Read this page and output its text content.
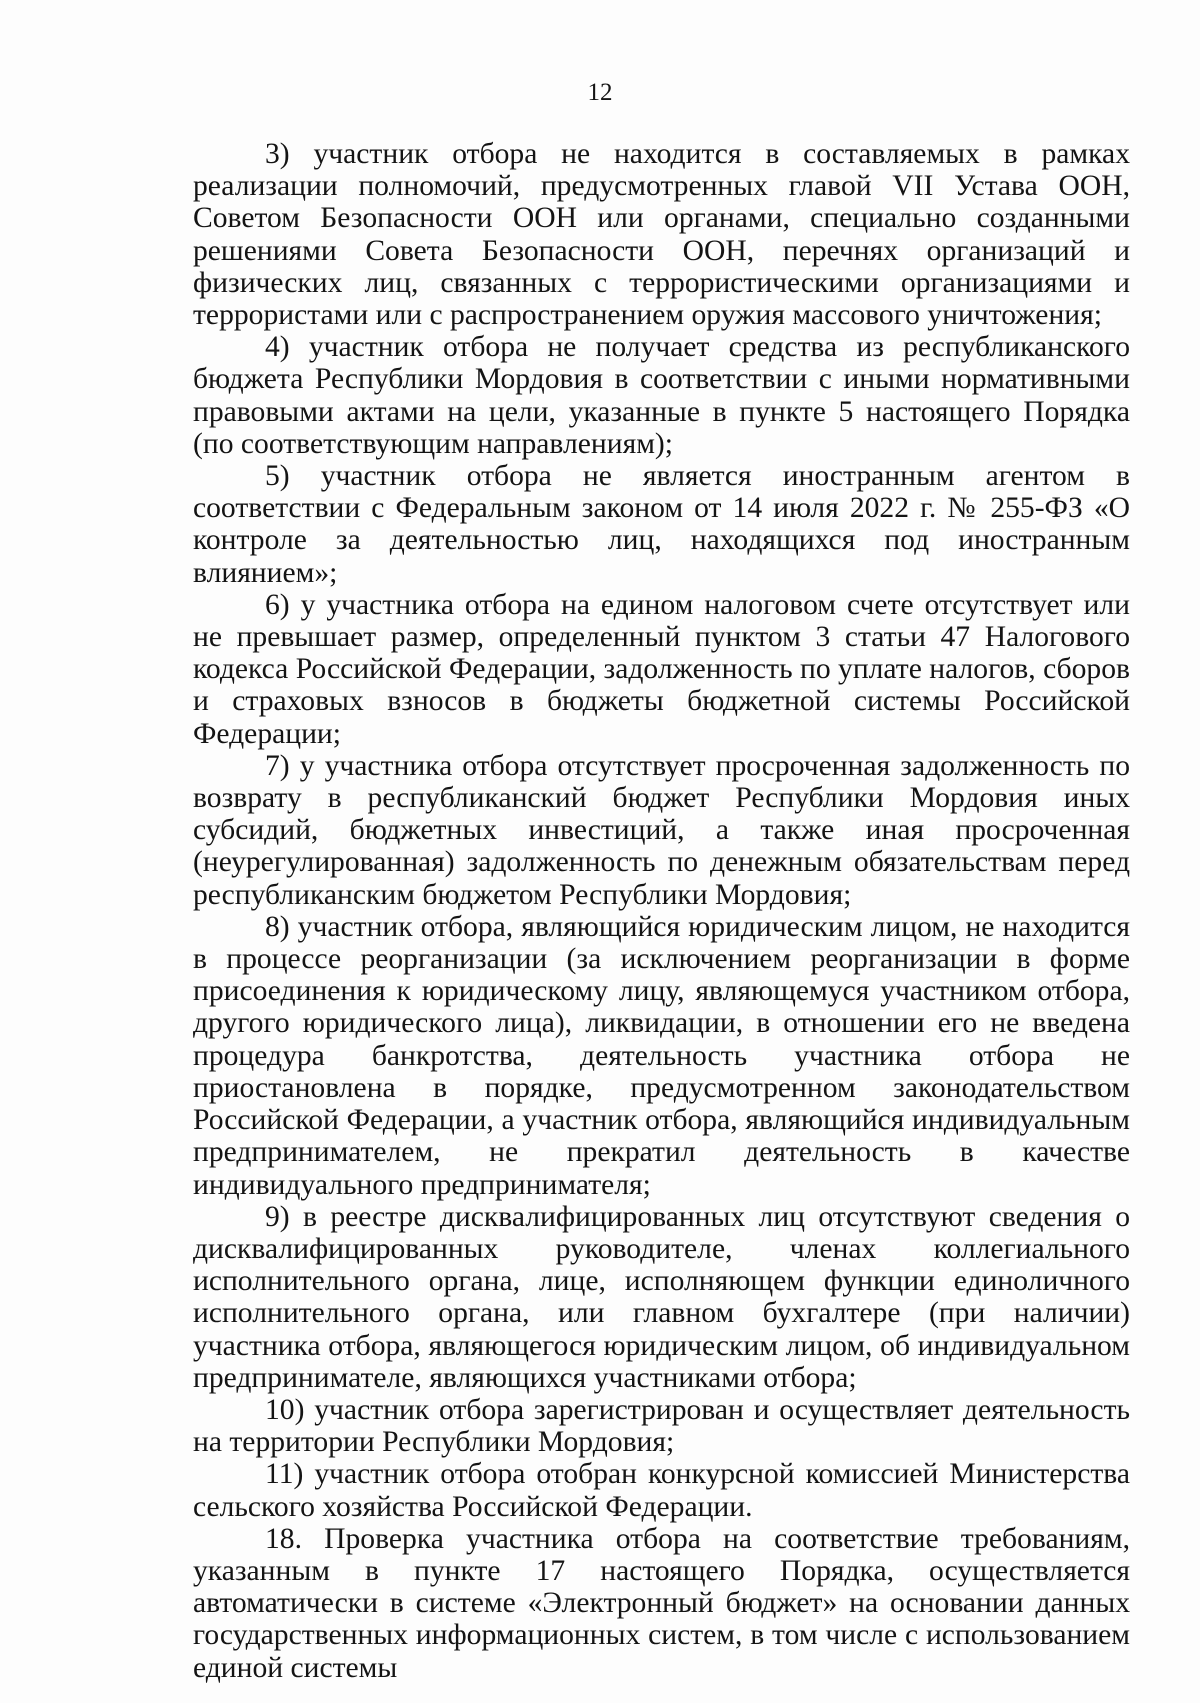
12

3) участник отбора не находится в составляемых в рамках реализации полномочий, предусмотренных главой VII Устава ООН, Советом Безопасности ООН или органами, специально созданными решениями Совета Безопасности ООН, перечнях организаций и физических лиц, связанных с террористическими организациями и террористами или с распространением оружия массового уничтожения;

4) участник отбора не получает средства из республиканского бюджета Республики Мордовия в соответствии с иными нормативными правовыми актами на цели, указанные в пункте 5 настоящего Порядка (по соответствующим направлениям);

5) участник отбора не является иностранным агентом в соответствии с Федеральным законом от 14 июля 2022 г. № 255-ФЗ «О контроле за деятельностью лиц, находящихся под иностранным влиянием»;

6) у участника отбора на едином налоговом счете отсутствует или не превышает размер, определенный пунктом 3 статьи 47 Налогового кодекса Российской Федерации, задолженность по уплате налогов, сборов и страховых взносов в бюджеты бюджетной системы Российской Федерации;

7) у участника отбора отсутствует просроченная задолженность по возврату в республиканский бюджет Республики Мордовия иных субсидий, бюджетных инвестиций, а также иная просроченная (неурегулированная) задолженность по денежным обязательствам перед республиканским бюджетом Республики Мордовия;

8) участник отбора, являющийся юридическим лицом, не находится в процессе реорганизации (за исключением реорганизации в форме присоединения к юридическому лицу, являющемуся участником отбора, другого юридического лица), ликвидации, в отношении его не введена процедура банкротства, деятельность участника отбора не приостановлена в порядке, предусмотренном законодательством Российской Федерации, а участник отбора, являющийся индивидуальным предпринимателем, не прекратил деятельность в качестве индивидуального предпринимателя;

9) в реестре дисквалифицированных лиц отсутствуют сведения о дисквалифицированных руководителе, членах коллегиального исполнительного органа, лице, исполняющем функции единоличного исполнительного органа, или главном бухгалтере (при наличии) участника отбора, являющегося юридическим лицом, об индивидуальном предпринимателе, являющихся участниками отбора;

10) участник отбора зарегистрирован и осуществляет деятельность на территории Республики Мордовия;

11) участник отбора отобран конкурсной комиссией Министерства сельского хозяйства Российской Федерации.

18. Проверка участника отбора на соответствие требованиям, указанным в пункте 17 настоящего Порядка, осуществляется автоматически в системе «Электронный бюджет» на основании данных государственных информационных систем, в том числе с использованием единой системы
